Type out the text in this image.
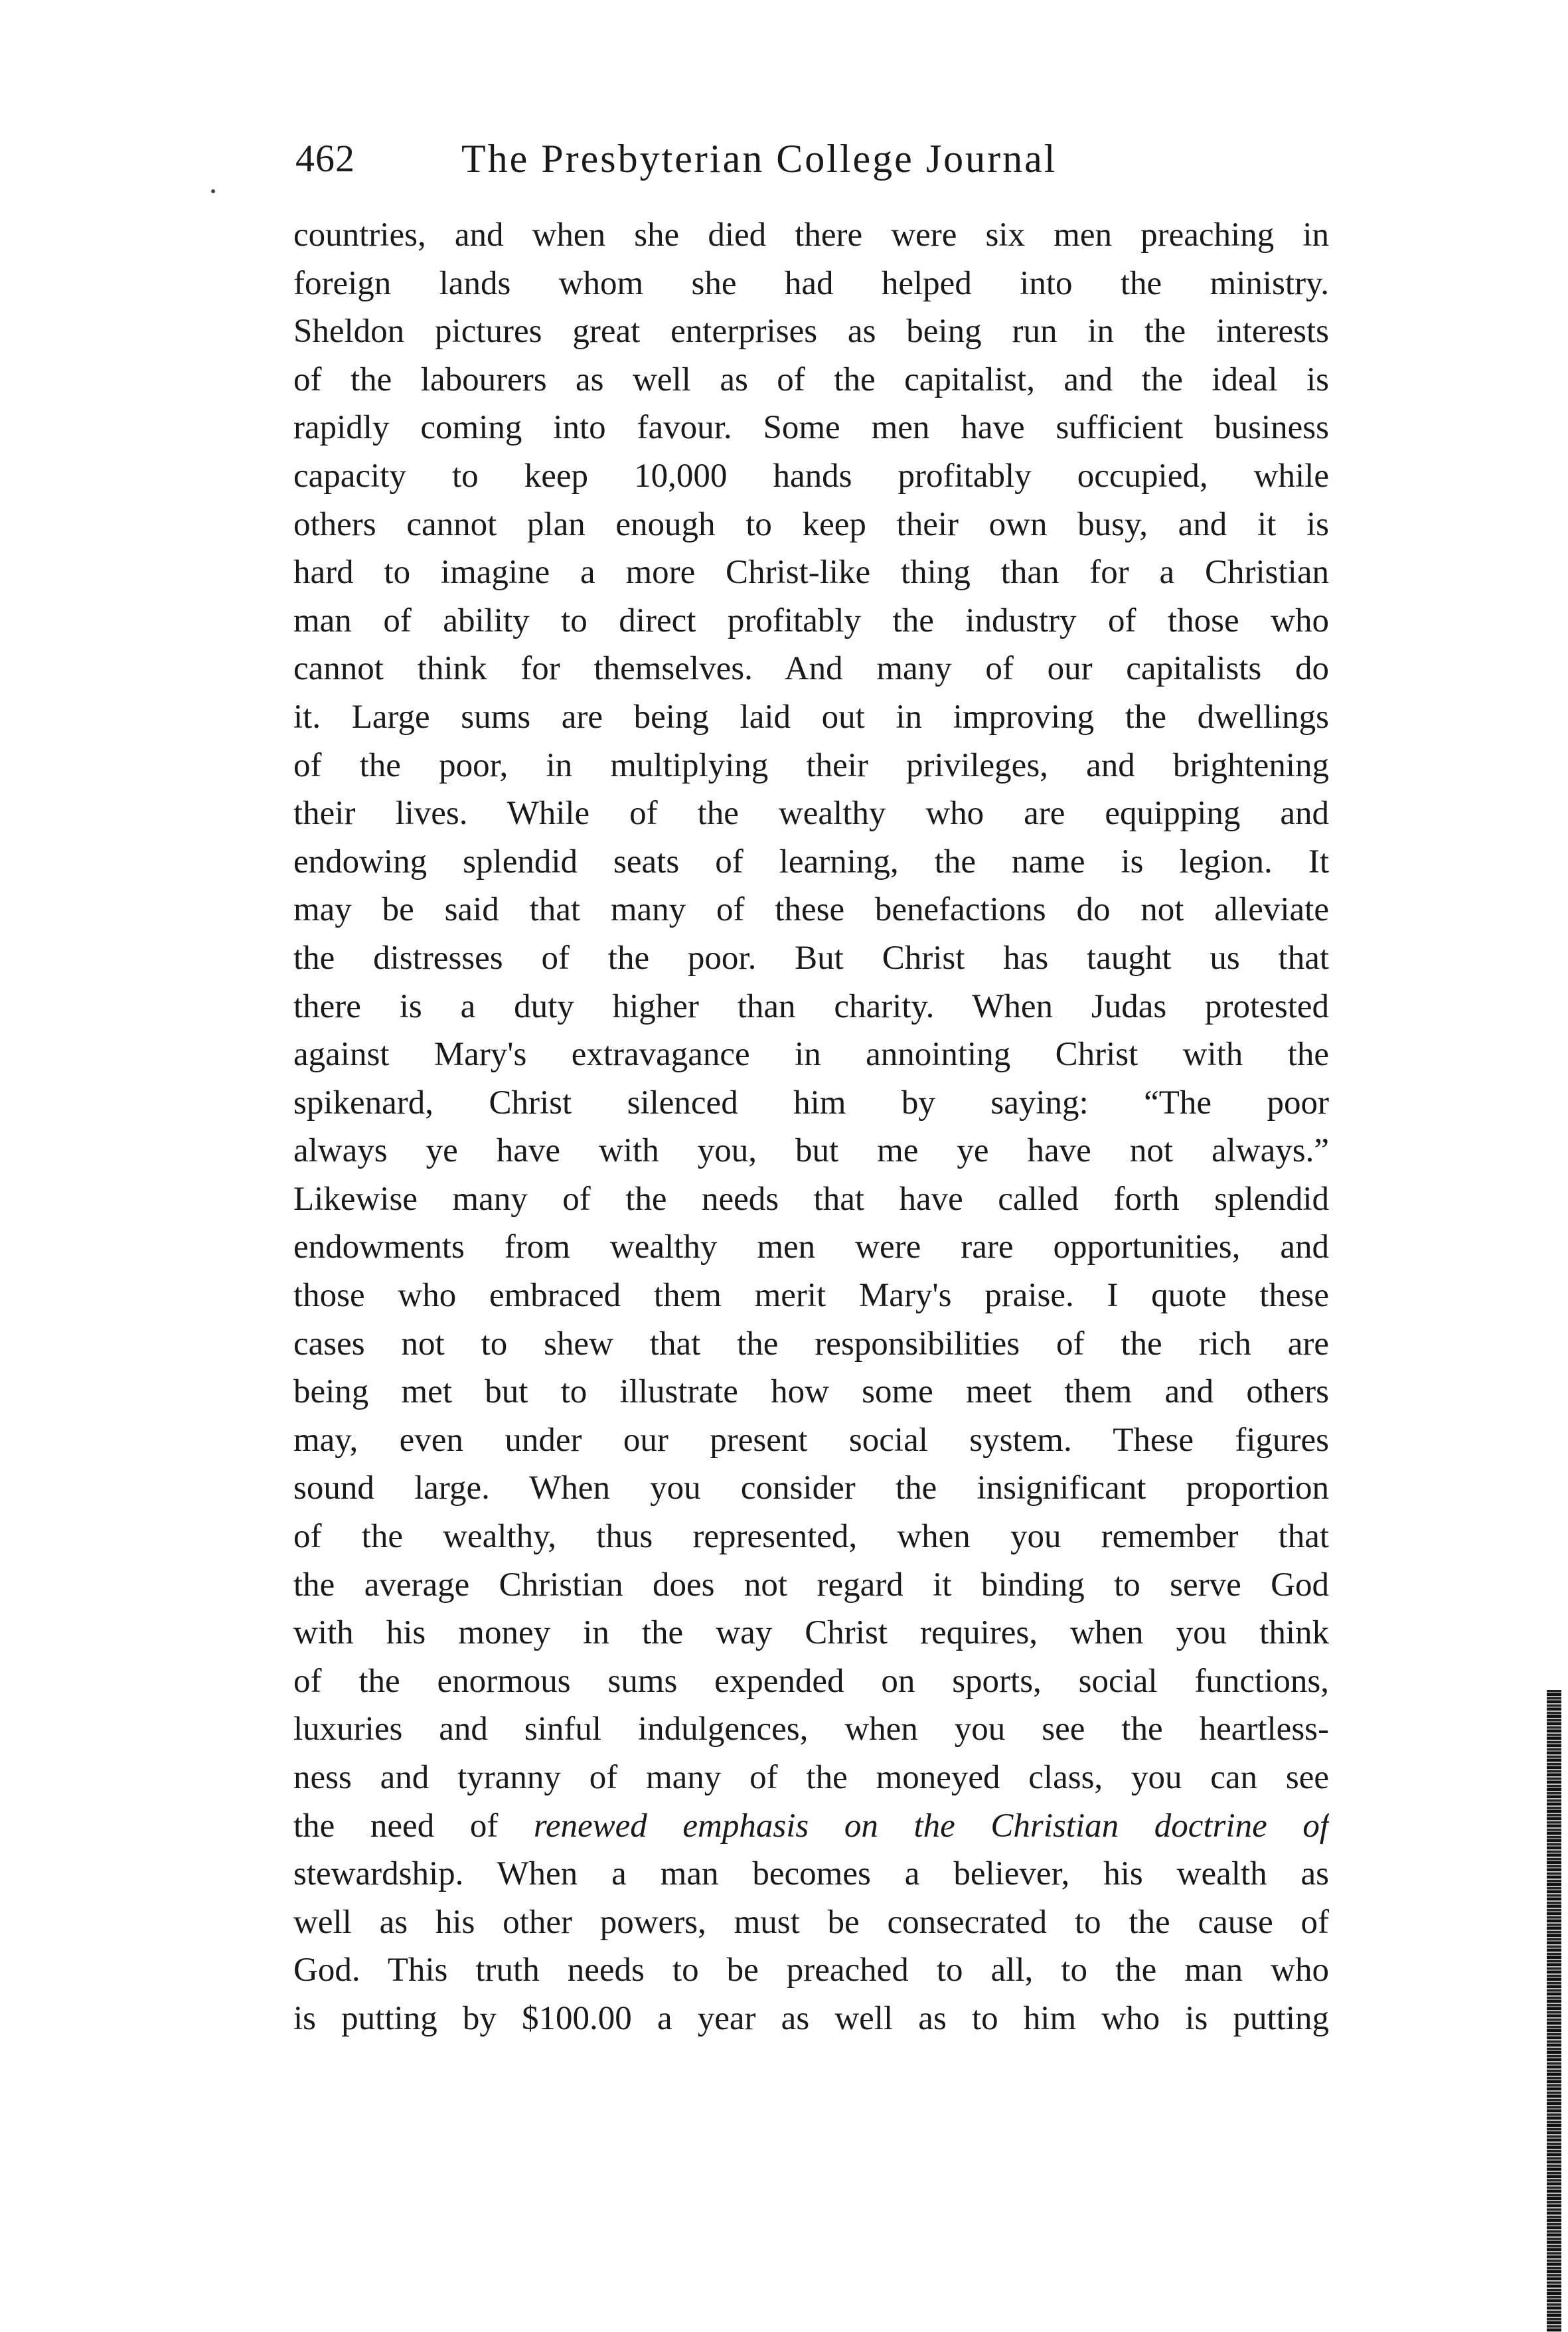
462	The Presbyterian College Journal
countries, and when she died there were six men preaching in
foreign lands whom she had helped into the ministry.
Sheldon pictures great enterprises as being run in the interests
of the labourers as well as of the capitalist, and the ideal is
rapidly coming into favour. Some men have sufficient business
capacity to keep 10,000 hands profitably occupied, while
others cannot plan enough to keep their own busy, and it is
hard to imagine a more Christ-like thing than for a Christian
man of ability to direct profitably the industry of those who
cannot think for themselves. And many of our capitalists do
it. Large sums are being laid out in improving the dwellings
of the poor, in multiplying their privileges, and brightening
their lives. While of the wealthy who are equipping and
endowing splendid seats of learning, the name is legion. It
may be said that many of these benefactions do not alleviate
the distresses of the poor. But Christ has taught us that
there is a duty higher than charity. When Judas protested
against Mary's extravagance in annointing Christ with the
spikenard, Christ silenced him by saying: “The poor
always ye have with you, but me ye have not always.”
Likewise many of the needs that have called forth splendid
endowments from wealthy men were rare opportunities, and
those who embraced them merit Mary's praise. I quote these
cases not to shew that the responsibilities of the rich are
being met but to illustrate how some meet them and others
may, even under our present social system. These figures
sound large. When you consider the insignificant proportion
of the wealthy, thus represented, when you remember that
the average Christian does not regard it binding to serve God
with his money in the way Christ requires, when you think
of the enormous sums expended on sports, social functions,
luxuries and sinful indulgences, when you see the heartless-
ness and tyranny of many of the moneyed class, you can see
the need of renewed emphasis on the Christian doctrine of
stewardship. When a man becomes a believer, his wealth as
well as his other powers, must be consecrated to the cause of
God. This truth needs to be preached to all, to the man who
is putting by $100.00 a year as well as to him who is putting
